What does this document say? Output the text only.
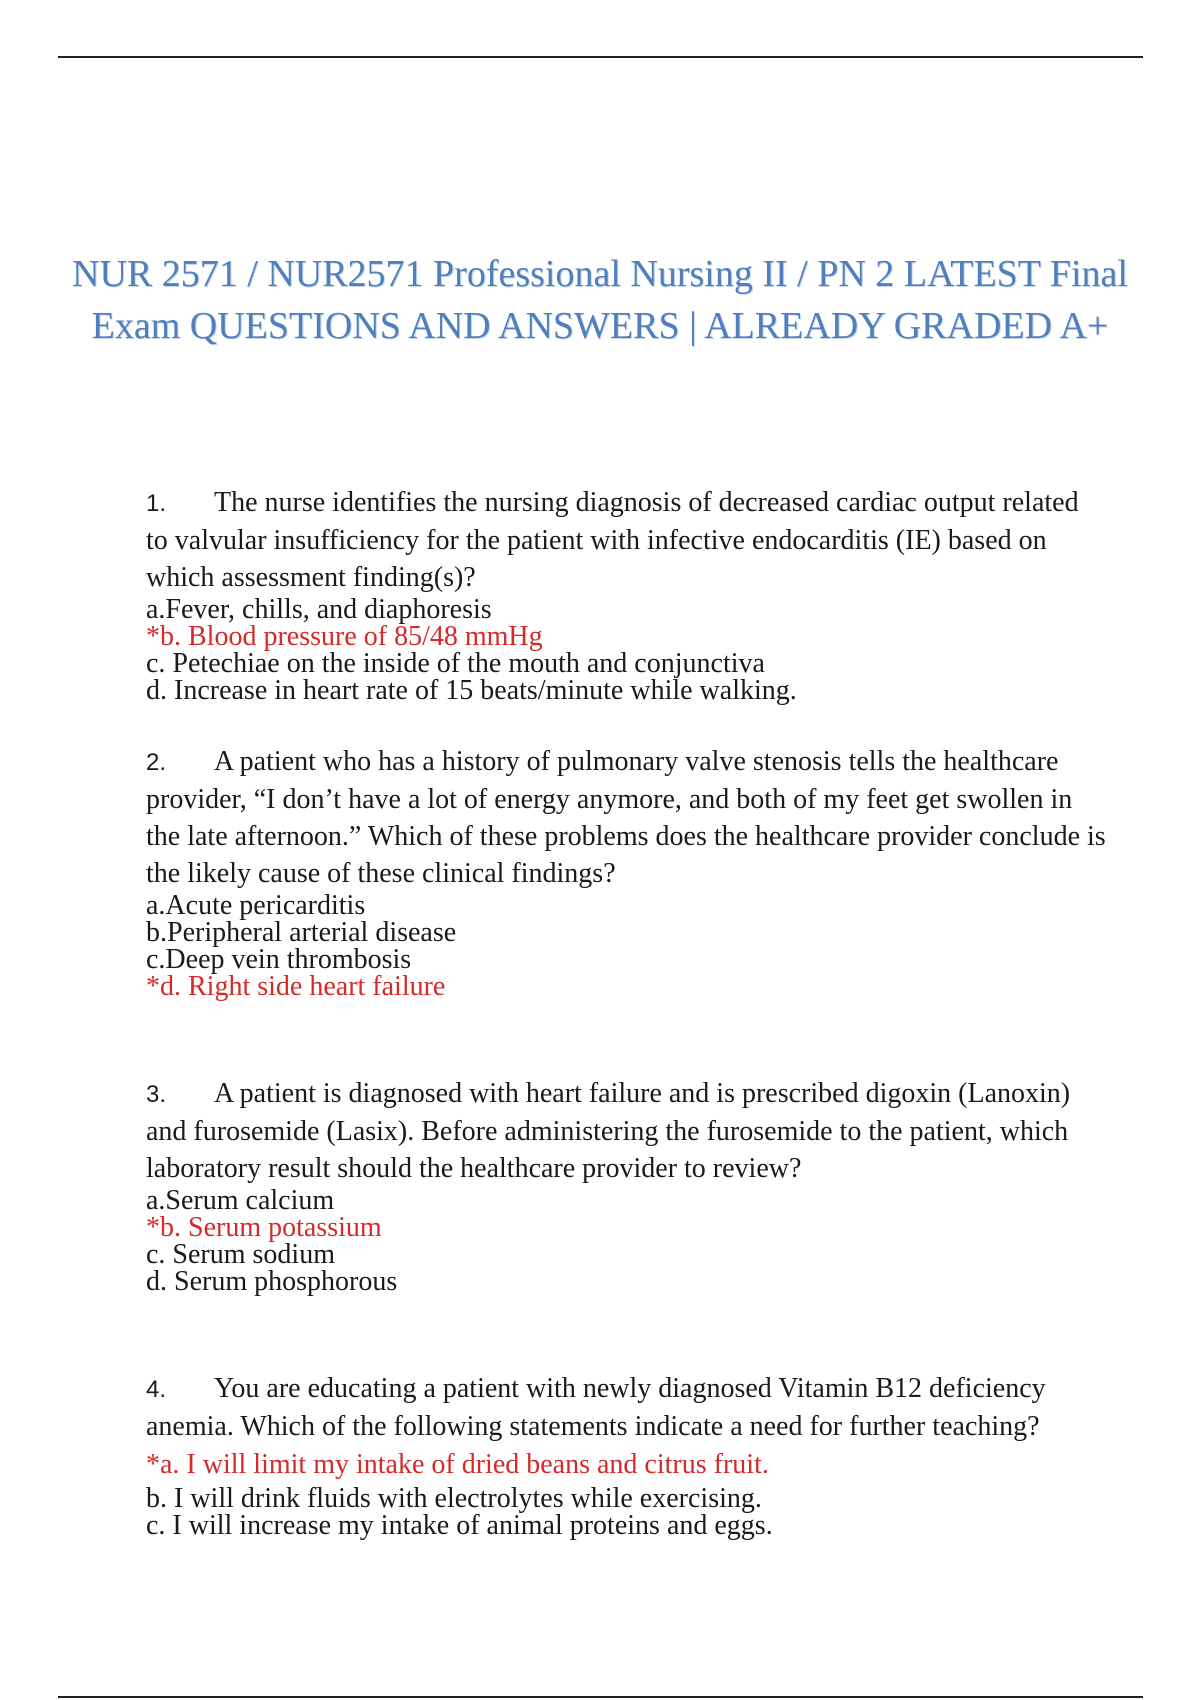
NUR 2571 / NUR2571 Professional Nursing II / PN 2 LATEST Final Exam QUESTIONS AND ANSWERS | ALREADY GRADED A+

1. The nurse identifies the nursing diagnosis of decreased cardiac output related to valvular insufficiency for the patient with infective endocarditis (IE) based on which assessment finding(s)?

a.Fever, chills, and diaphoresis
*b. Blood pressure of 85/48 mmHg
c. Petechiae on the inside of the mouth and conjunctiva
d. Increase in heart rate of 15 beats/minute while walking.

2. A patient who has a history of pulmonary valve stenosis tells the healthcare provider, “I don’t have a lot of energy anymore, and both of my feet get swollen in the late afternoon.” Which of these problems does the healthcare provider conclude is the likely cause of these clinical findings?

a.Acute pericarditis
b.Peripheral arterial disease
c.Deep vein thrombosis
*d. Right side heart failure

3. A patient is diagnosed with heart failure and is prescribed digoxin (Lanoxin) and furosemide (Lasix). Before administering the furosemide to the patient, which laboratory result should the healthcare provider to review?

a.Serum calcium
*b. Serum potassium
c. Serum sodium
d. Serum phosphorous

4. You are educating a patient with newly diagnosed Vitamin B12 deficiency anemia. Which of the following statements indicate a need for further teaching?

*a. I will limit my intake of dried beans and citrus fruit.
b. I will drink fluids with electrolytes while exercising.
c. I will increase my intake of animal proteins and eggs.
